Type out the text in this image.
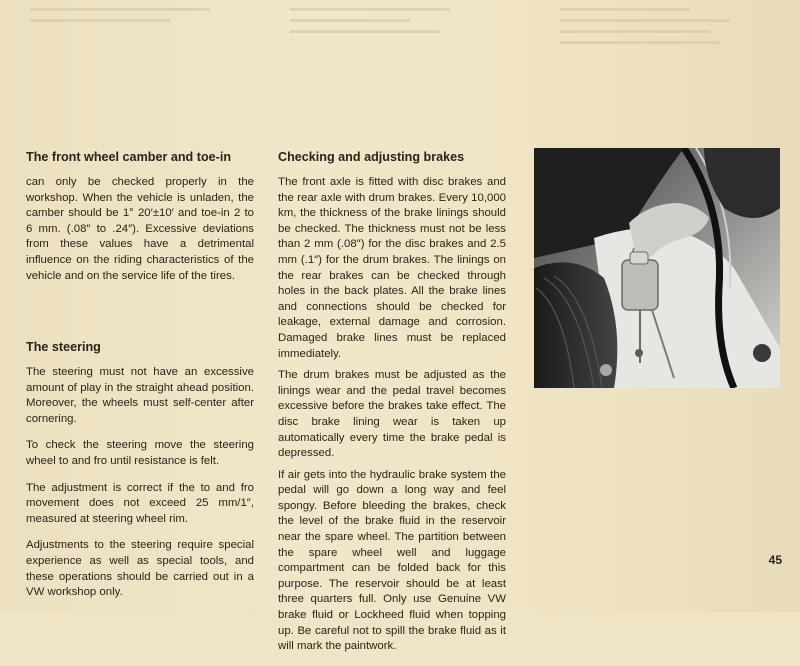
The front wheel camber and toe-in

can only be checked properly in the workshop. When the vehicle is unladen, the camber should be 1° 20′±10′ and toe-in 2 to 6 mm. (.08″ to .24″). Excessive deviations from these values have a detrimental influence on the riding characteristics of the vehicle and on the service life of the tires.

The steering

The steering must not have an excessive amount of play in the straight ahead position. Moreover, the wheels must self-center after cornering.

To check the steering move the steering wheel to and fro until resistance is felt.

The adjustment is correct if the to and fro movement does not exceed 25 mm/1″, measured at steering wheel rim.

Adjustments to the steering require special experience as well as special tools, and these operations should be carried out in a VW workshop only.

Checking and adjusting brakes

The front axle is fitted with disc brakes and the rear axle with drum brakes. Every 10,000 km, the thickness of the brake linings should be checked. The thickness must not be less than 2 mm (.08″) for the disc brakes and 2.5 mm (.1″) for the drum brakes. The linings on the rear brakes can be checked through holes in the back plates. All the brake lines and connections should be checked for leakage, external damage and corrosion. Damaged brake lines must be replaced immediately.

The drum brakes must be adjusted as the linings wear and the pedal travel becomes excessive before the brakes take effect. The disc brake lining wear is taken up automatically every time the brake pedal is depressed.

If air gets into the hydraulic brake system the pedal will go down a long way and feel spongy. Before bleeding the brakes, check the level of the brake fluid in the reservoir near the spare wheel. The partition between the spare wheel well and luggage compartment can be folded back for this purpose. The reservoir should be at least three quarters full. Only use Genuine VW brake fluid or Lockheed fluid when topping up. Be careful not to spill the brake fluid as it will mark the paintwork.

45
